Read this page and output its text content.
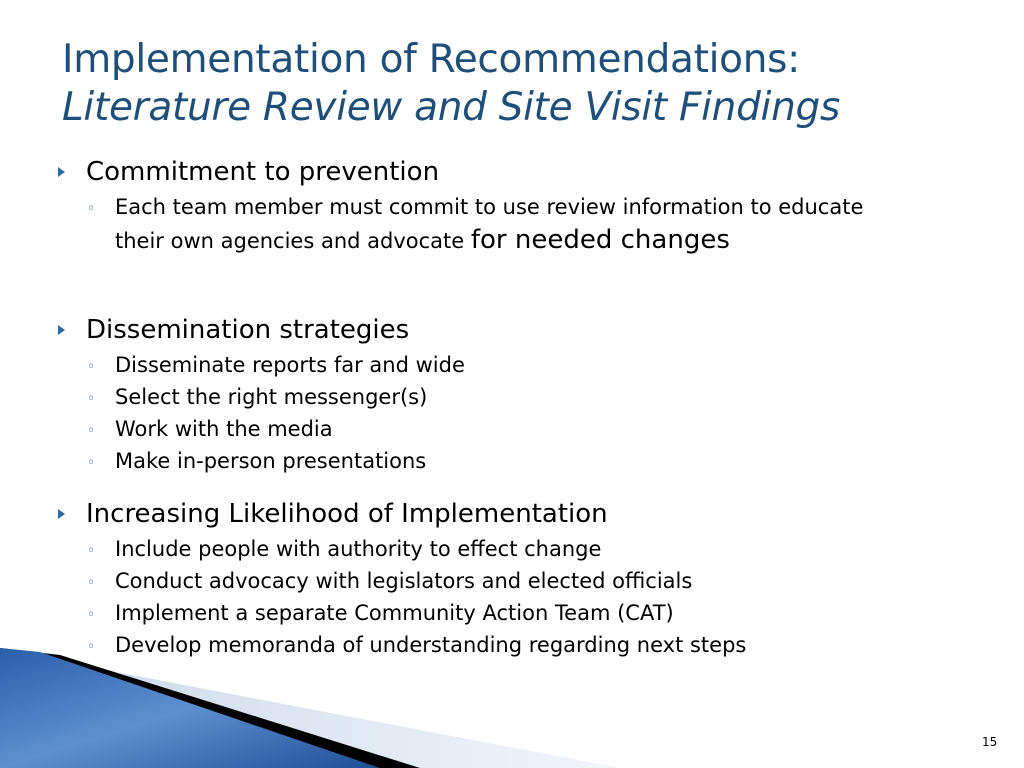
Implementation of Recommendations:
Literature Review and Site Visit Findings
Commitment to prevention
◦ Each team member must commit to use review information to educate their own agencies and advocate for needed changes
Dissemination strategies
◦ Disseminate reports far and wide
◦ Select the right messenger(s)
◦ Work with the media
◦ Make in-person presentations
Increasing Likelihood of Implementation
◦ Include people with authority to effect change
◦ Conduct advocacy with legislators and elected officials
◦ Implement a separate Community Action Team (CAT)
◦ Develop memoranda of understanding regarding next steps
15
